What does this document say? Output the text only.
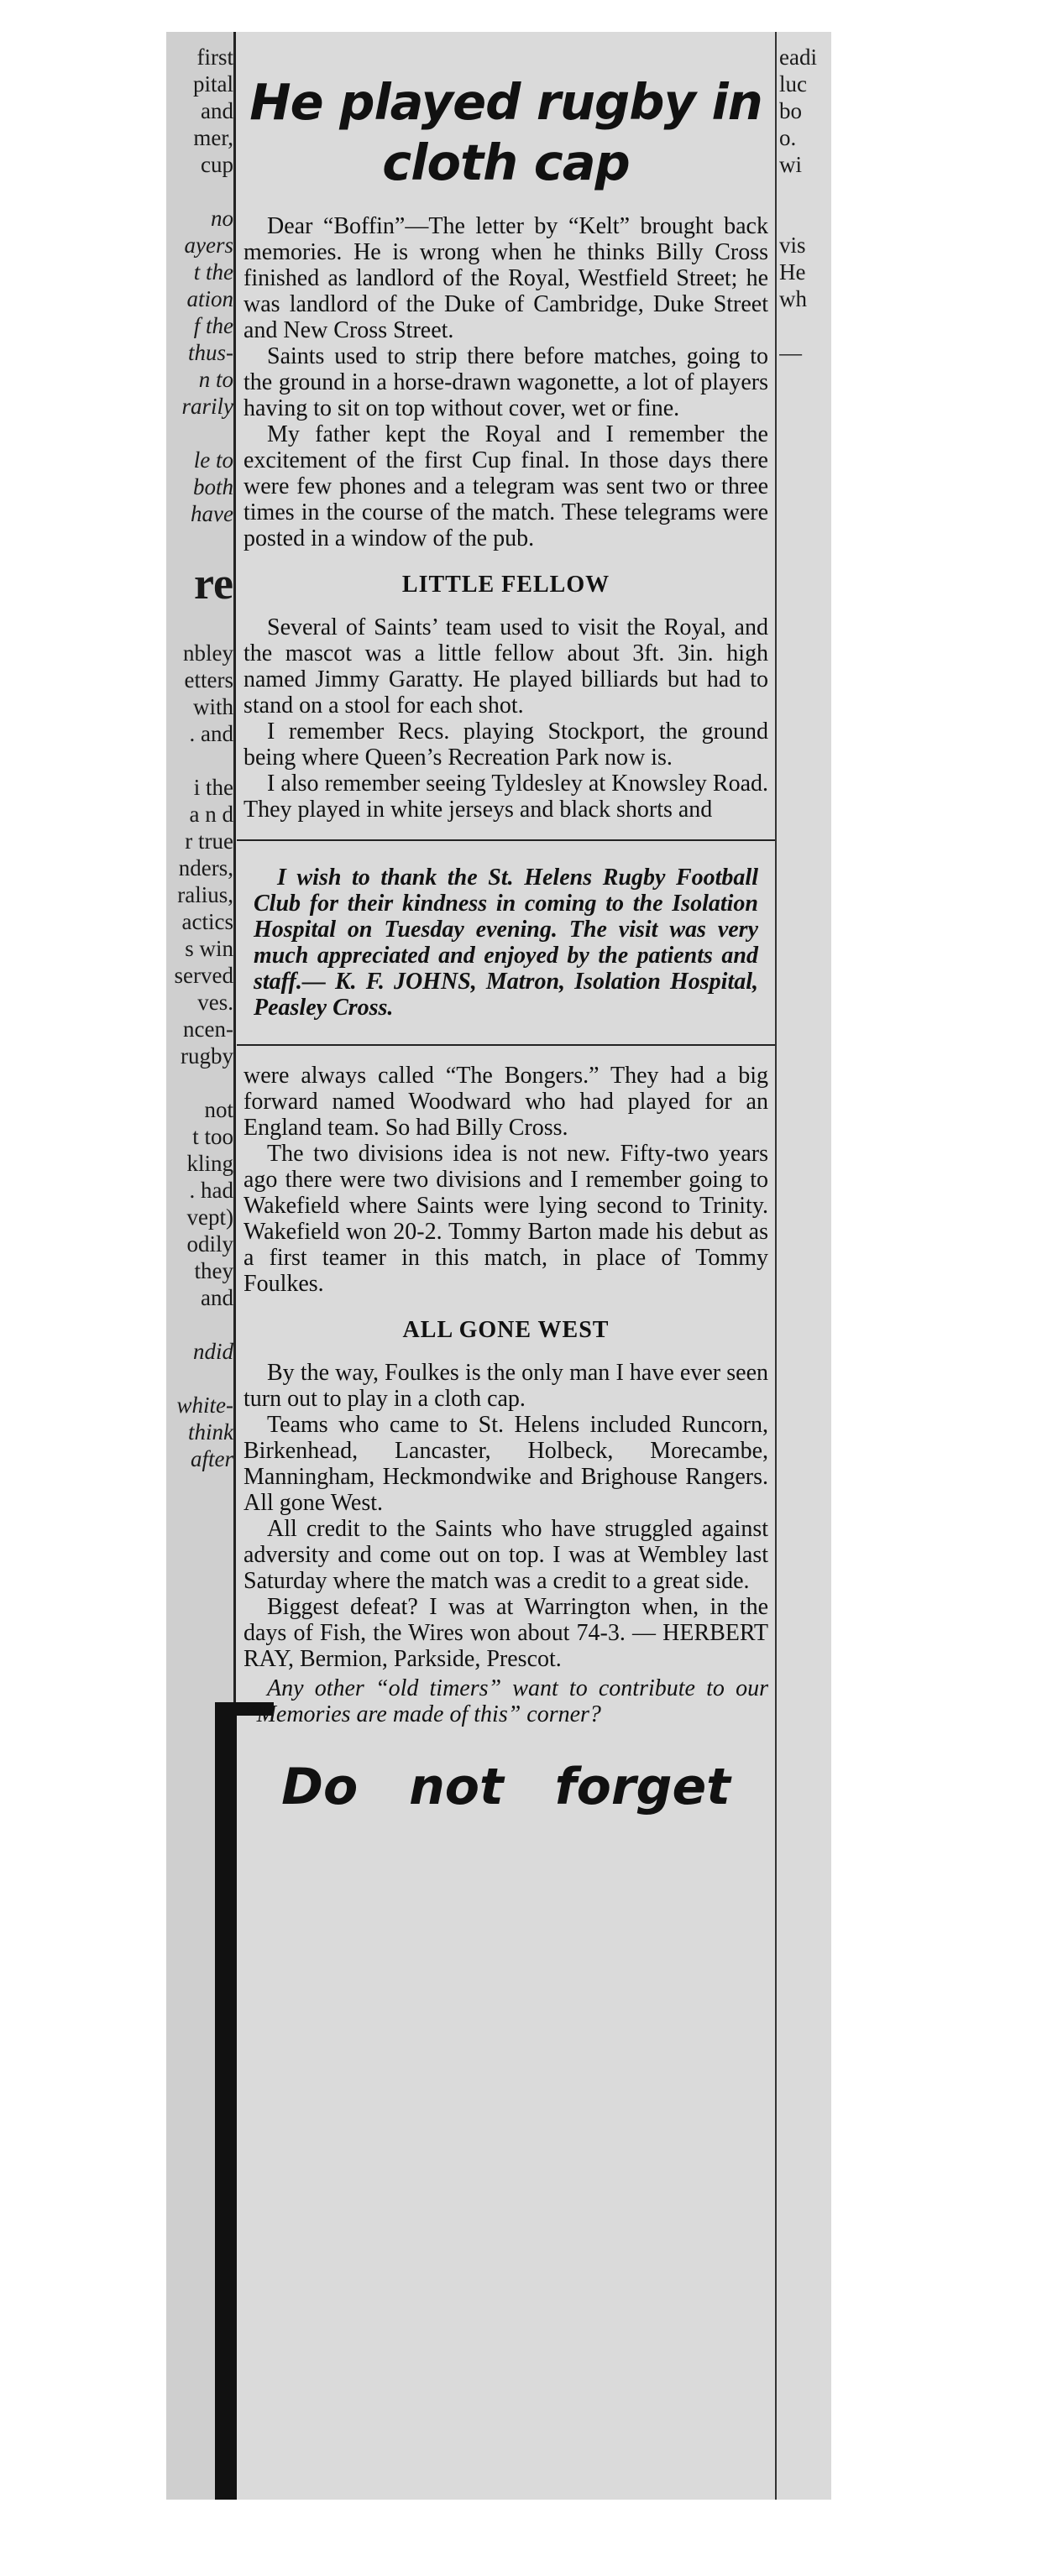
first
pital
and
mer,
cup

no
ayers
t the
ation
f the
thus-
n to
rarily

le to
both
have

re

nbley
etters
with
. and

i the
a n d
r true
nders,
ralius,
actics
s win
served
ves.
ncen-
rugby

not
t too
kling
. had
vept)
odily
they
and

ndid

white-
think
after
eadi
luc
bo
o.
wi

vis
He
wh

—
He played rugby in cloth cap

Dear “Boffin”—The letter by “Kelt” brought back memories. He is wrong when he thinks Billy Cross finished as landlord of the Royal, Westfield Street; he was landlord of the Duke of Cambridge, Duke Street and New Cross Street.

Saints used to strip there before matches, going to the ground in a horse-drawn wagonette, a lot of players having to sit on top without cover, wet or fine.

My father kept the Royal and I remember the excitement of the first Cup final. In those days there were few phones and a telegram was sent two or three times in the course of the match. These telegrams were posted in a window of the pub.

LITTLE FELLOW

Several of Saints’ team used to visit the Royal, and the mascot was a little fellow about 3ft. 3in. high named Jimmy Garatty. He played billiards but had to stand on a stool for each shot.

I remember Recs. playing Stockport, the ground being where Queen’s Recreation Park now is.

I also remember seeing Tyldesley at Knowsley Road. They played in white jerseys and black shorts and

I wish to thank the St. Helens Rugby Football Club for their kindness in coming to the Isolation Hospital on Tuesday evening. The visit was very much appreciated and enjoyed by the patients and staff.— K. F. JOHNS, Matron, Isolation Hospital, Peasley Cross.

were always called “The Bongers.” They had a big forward named Woodward who had played for an England team. So had Billy Cross.

The two divisions idea is not new. Fifty-two years ago there were two divisions and I remember going to Wakefield where Saints were lying second to Trinity. Wakefield won 20-2. Tommy Barton made his debut as a first teamer in this match, in place of Tommy Foulkes.

ALL GONE WEST

By the way, Foulkes is the only man I have ever seen turn out to play in a cloth cap.

Teams who came to St. Helens included Runcorn, Birkenhead, Lancaster, Holbeck, Morecambe, Manningham, Heckmondwike and Brighouse Rangers. All gone West.

All credit to the Saints who have struggled against adversity and come out on top. I was at Wembley last Saturday where the match was a credit to a great side.

Biggest defeat? I was at Warrington when, in the days of Fish, the Wires won about 74-3. — HERBERT RAY, Bermion, Parkside, Prescot.

Any other “old timers” want to contribute to our “Memories are made of this” corner?

Do not forget
